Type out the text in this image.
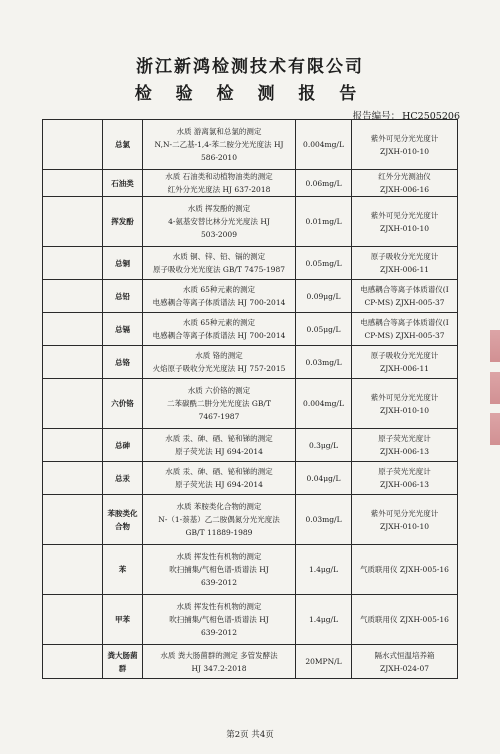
浙江新鸿检测技术有限公司
检 验 检 测 报 告
报告编号： HC2505206
	总氯	水质 游离氯和总氯的测定
N,N-二乙基-1,4-苯二胺分光光度法 HJ
586-2010	0.004mg/L	紫外可见分光光度计
ZJXH-010-10

	石油类	水质 石油类和动植物油类的测定
红外分光光度法 HJ 637-2018	0.06mg/L	红外分光测油仪
ZJXH-006-16

	挥发酚	水质 挥发酚的测定
4-氨基安替比林分光光度法 HJ
503-2009	0.01mg/L	紫外可见分光光度计
ZJXH-010-10

	总铜	水质 铜、锌、铅、镉的测定
原子吸收分光光度法 GB/T 7475-1987	0.05mg/L	原子吸收分光光度计
ZJXH-006-11

	总铅	水质 65种元素的测定
电感耦合等离子体质谱法 HJ 700-2014	0.09μg/L	电感耦合等离子体质谱仪(I
CP-MS) ZJXH-005-37

	总镉	水质 65种元素的测定
电感耦合等离子体质谱法 HJ 700-2014	0.05μg/L	电感耦合等离子体质谱仪(I
CP-MS) ZJXH-005-37

	总铬	水质 铬的测定
火焰原子吸收分光光度法 HJ 757-2015	0.03mg/L	原子吸收分光光度计
ZJXH-006-11

	六价铬	水质 六价铬的测定
二苯碳酰二肼分光光度法 GB/T
7467-1987	0.004mg/L	紫外可见分光光度计
ZJXH-010-10

	总砷	水质 汞、砷、硒、铋和锑的测定
原子荧光法 HJ 694-2014	0.3μg/L	原子荧光光度计
ZJXH-006-13

	总汞	水质 汞、砷、硒、铋和锑的测定
原子荧光法 HJ 694-2014	0.04μg/L	原子荧光光度计
ZJXH-006-13

	苯胺类化合物	水质 苯胺类化合物的测定
N-（1-萘基）乙二胺偶氮分光光度法
GB/T 11889-1989	0.03mg/L	紫外可见分光光度计
ZJXH-010-10

	苯	水质 挥发性有机物的测定
吹扫捕集/气相色谱-质谱法 HJ
639-2012	1.4μg/L	气质联用仪 ZJXH-005-16

	甲苯	水质 挥发性有机物的测定
吹扫捕集/气相色谱-质谱法 HJ
639-2012	1.4μg/L	气质联用仪 ZJXH-005-16

	粪大肠菌群	水质 粪大肠菌群的测定 多管发酵法
HJ 347.2-2018	20MPN/L	隔水式恒温培养箱
ZJXH-024-07
第2页 共4页
